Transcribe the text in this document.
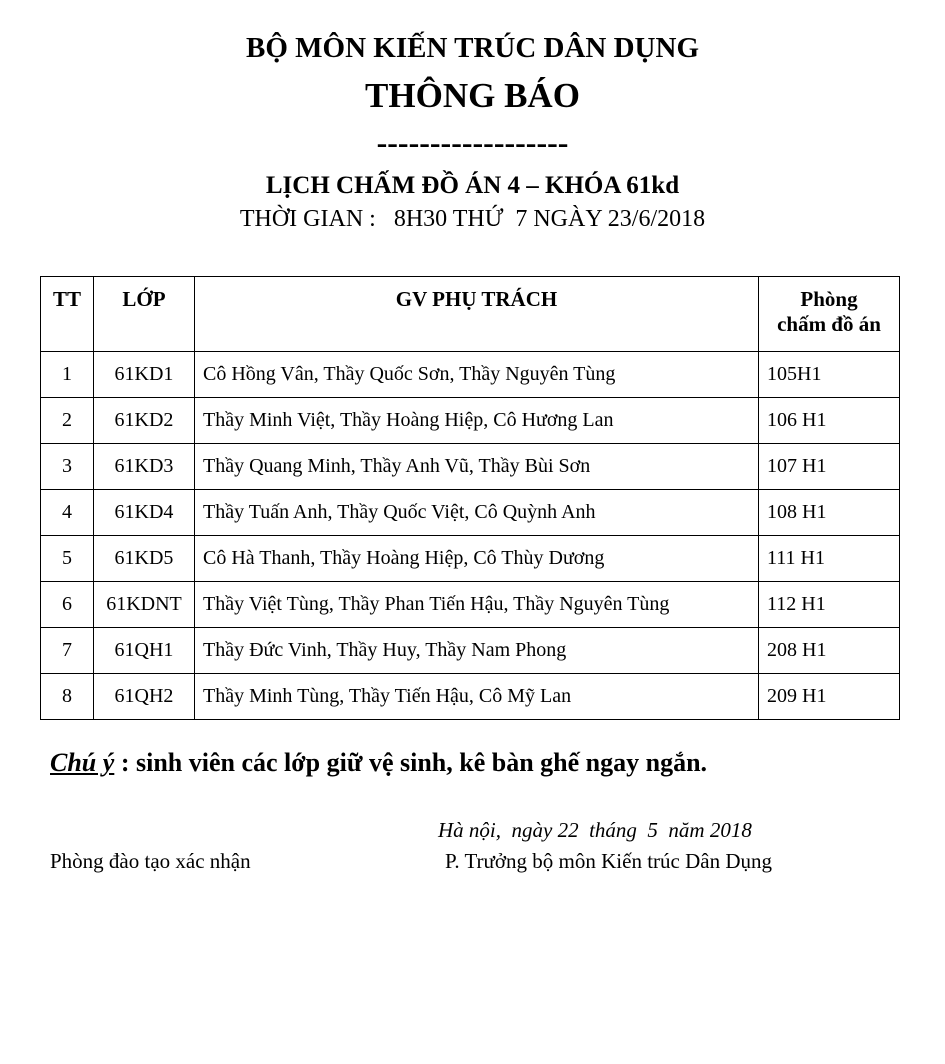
BỘ MÔN KIẾN TRÚC DÂN DỤNG
THÔNG BÁO
------------------
LỊCH CHẤM ĐỒ ÁN 4 – KHÓA 61kd
THỜI GIAN :   8H30 THỨ  7 NGÀY 23/6/2018
TT	LỚP	GV PHỤ TRÁCH	Phòng
chấm đồ án
1	61KD1	Cô Hồng Vân, Thầy Quốc Sơn, Thầy Nguyên Tùng	105H1
2	61KD2	Thầy Minh Việt, Thầy Hoàng Hiệp, Cô Hương Lan	106 H1
3	61KD3	Thầy Quang Minh, Thầy Anh Vũ, Thầy Bùi Sơn	107 H1
4	61KD4	Thầy Tuấn Anh, Thầy Quốc Việt, Cô Quỳnh Anh	108 H1
5	61KD5	Cô Hà Thanh, Thầy Hoàng Hiệp, Cô Thùy Dương	111 H1
6	61KDNT	Thầy Việt Tùng, Thầy Phan Tiến Hậu, Thầy Nguyên Tùng	112 H1
7	61QH1	Thầy Đức Vinh, Thầy Huy, Thầy Nam Phong	208 H1
8	61QH2	Thầy Minh Tùng, Thầy Tiến Hậu, Cô Mỹ Lan	209 H1
Chú ý : sinh viên các lớp giữ vệ sinh, kê bàn ghế ngay ngắn.
Hà nội,  ngày 22  tháng  5  năm 2018
Phòng đào tạo xác nhận	P. Trưởng bộ môn Kiến trúc Dân Dụng
